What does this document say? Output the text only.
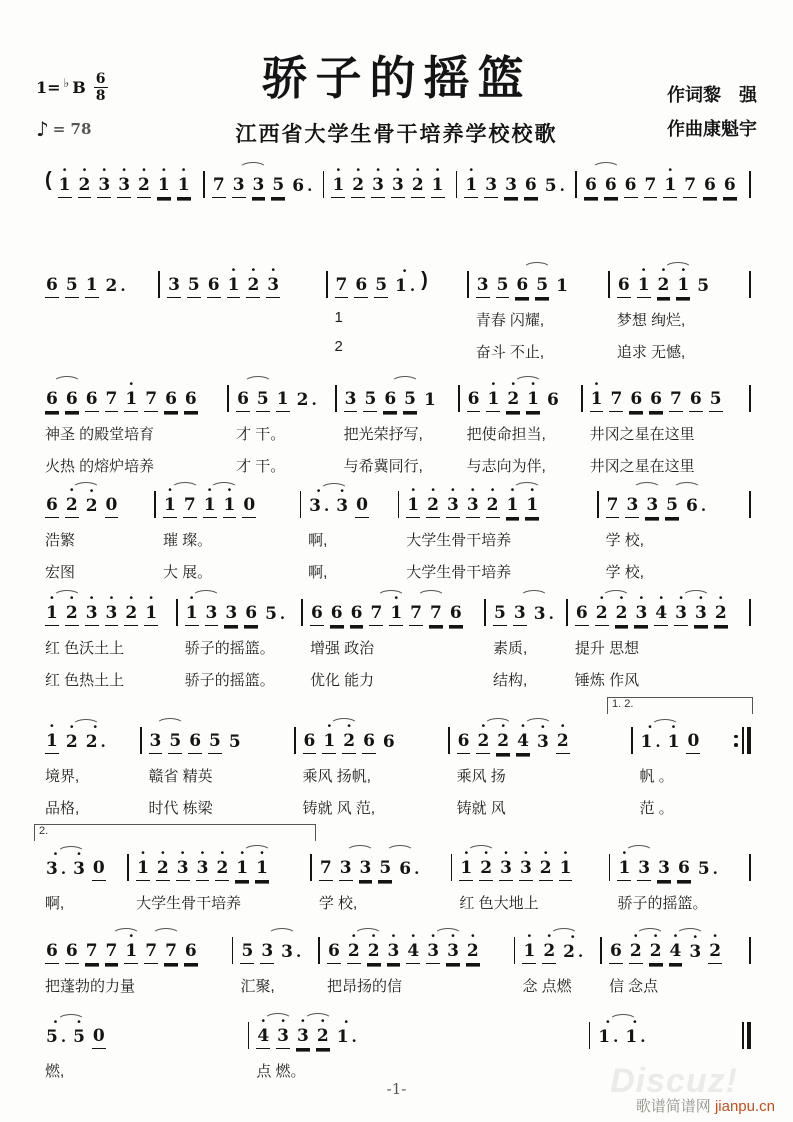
1= ♭ B $\frac{6}{8}$
♪ = 78
骄子的摇篮
江西省大学生骨干培养学校校歌
作词黎　强
作曲康魁宇
( ·
1
·
2
·
3
·
3
·
2
·
1
·
1 7 3 3 5 6 ·
·
1
·
2
·
3
·
3
·
2
·
1
·
1 3 3 6 5 · 6 6 6 7
·
1 7 6 6
6 5 1 2 · 3 5 6
·
1
·
2
·
3	7 6 5
·
1 · )
1
2
3 5 6 5 1
青春 闪耀,
奋斗 不止,
6
·
1
·
2
·
1 5
梦想 绚烂,
追求 无憾,
6 6 6 7
·
1 7 6 6
神圣 的殿堂培育
火热 的熔炉培养
6 5 1 2 ·
才 干。
才 干。
3 5 6 5 1
把光荣抒写,
与希冀同行,
6
·
1
·
2
·
1 6
把使命担当,
与志向为伴,
·
1 7 6 6 7 6 5
井冈之星在这里
井冈之星在这里
6
·
2
·
2 0
浩繁
宏图
·
1 7
·
1
·
1 0
璀 璨。
大 展。
·
3 ·
·
3 0
啊,
啊,
·
1
·
2
·
3
·
3
·
2
·
1
·
1
大学生骨干培养
大学生骨干培养
7 3 3 5 6 ·
学 校,
学 校,
·
1
·
2
·
3
·
3
·
2
·
1
红 色沃土上
红 色热土上
·
1 3 3 6 5 ·
骄子的摇篮。
骄子的摇篮。
6 6 6 7
·
1 7 7 6
增强 政治
优化 能力
5 3 3 ·
素质,
结构,
6
·
2
·
2
·
3
·
4
·
3
·
3
·
2
提升 思想
锤炼 作风
1. 2.
·
1
·
2
·
2 ·
境界,
品格,
3 5 6 5 5
赣省 精英
时代 栋梁
6
·
1
·
2 6 6
乘风 扬帆,
铸就 风 范,
6
·
2
·
2
·
4
·
3
·
2
乘风 扬
铸就 风
·
1 ·
·
1 0
帆 。
范 。
2.
·
3 ·
·
3 0
啊,
·
1
·
2
·
3
·
3
·
2
·
1
·
1
大学生骨干培养
7 3 3 5 6 ·
学 校,
·
1
·
2
·
3
·
3
·
2
·
1
红 色大地上
·
1 3 3 6 5 ·
骄子的摇篮。
6 6 7 7
·
1 7 7 6
把蓬勃的力量
5 3 3 ·
汇聚,
6
·
2
·
2
·
3
·
4
·
3
·
3
·
2
把昂扬的信
·
1
·
2
·
2 ·
念 点燃
6
·
2
·
2
·
4
·
3
·
2
信 念点
·
5 ·
·
5 0
燃,
·
4
·
3
·
3
·
2
·
1 ·
点 燃。
·
1 ·
·
1 ·
Discuz!
-1-
歌谱简谱网 jianpu.cn
